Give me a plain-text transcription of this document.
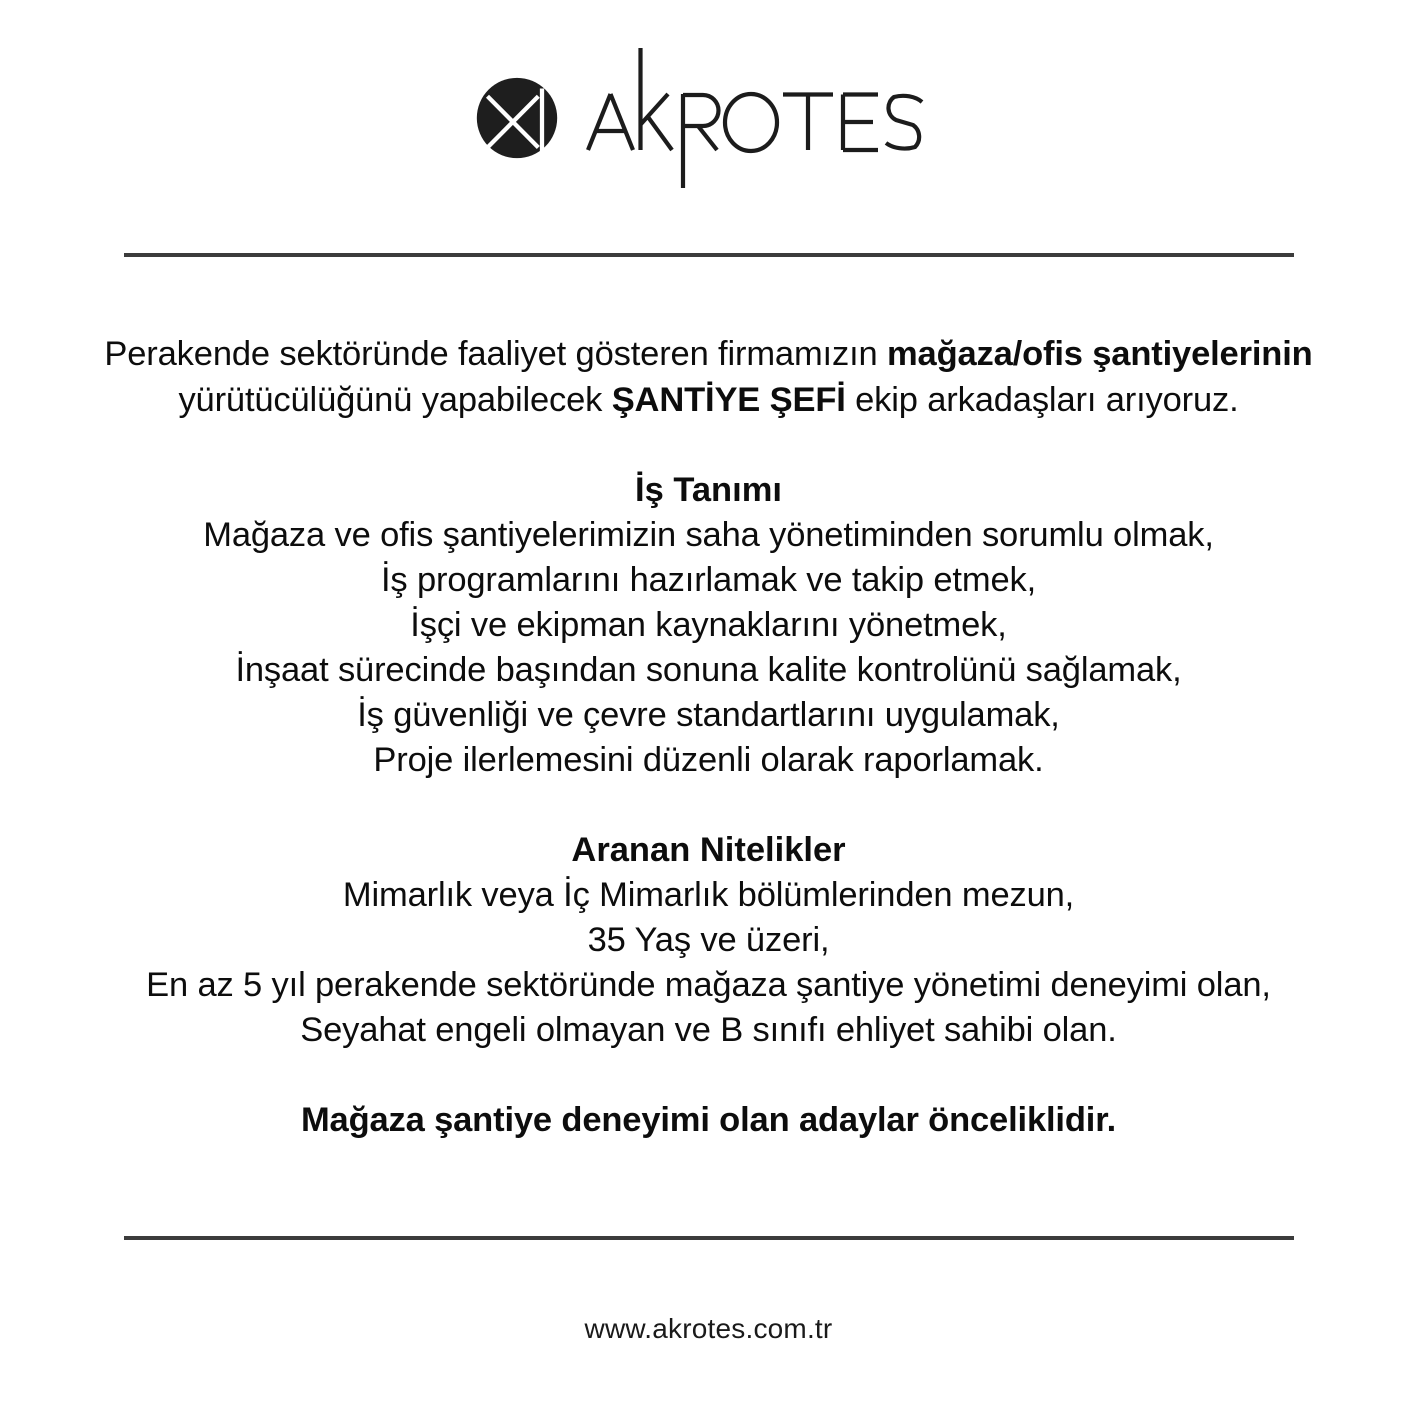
Perakende sektöründe faaliyet gösteren firmamızın mağaza/ofis şantiyelerinin
yürütücülüğünü yapabilecek ŞANTİYE ŞEFİ ekip arkadaşları arıyoruz.
İş Tanımı
Mağaza ve ofis şantiyelerimizin saha yönetiminden sorumlu olmak,
İş programlarını hazırlamak ve takip etmek,
İşçi ve ekipman kaynaklarını yönetmek,
İnşaat sürecinde başından sonuna kalite kontrolünü sağlamak,
İş güvenliği ve çevre standartlarını uygulamak,
Proje ilerlemesini düzenli olarak raporlamak.
Aranan Nitelikler
Mimarlık veya İç Mimarlık bölümlerinden mezun,
35 Yaş ve üzeri,
En az 5 yıl perakende sektöründe mağaza şantiye yönetimi deneyimi olan,
Seyahat engeli olmayan ve B sınıfı ehliyet sahibi olan.
Mağaza şantiye deneyimi olan adaylar önceliklidir.
www.akrotes.com.tr
